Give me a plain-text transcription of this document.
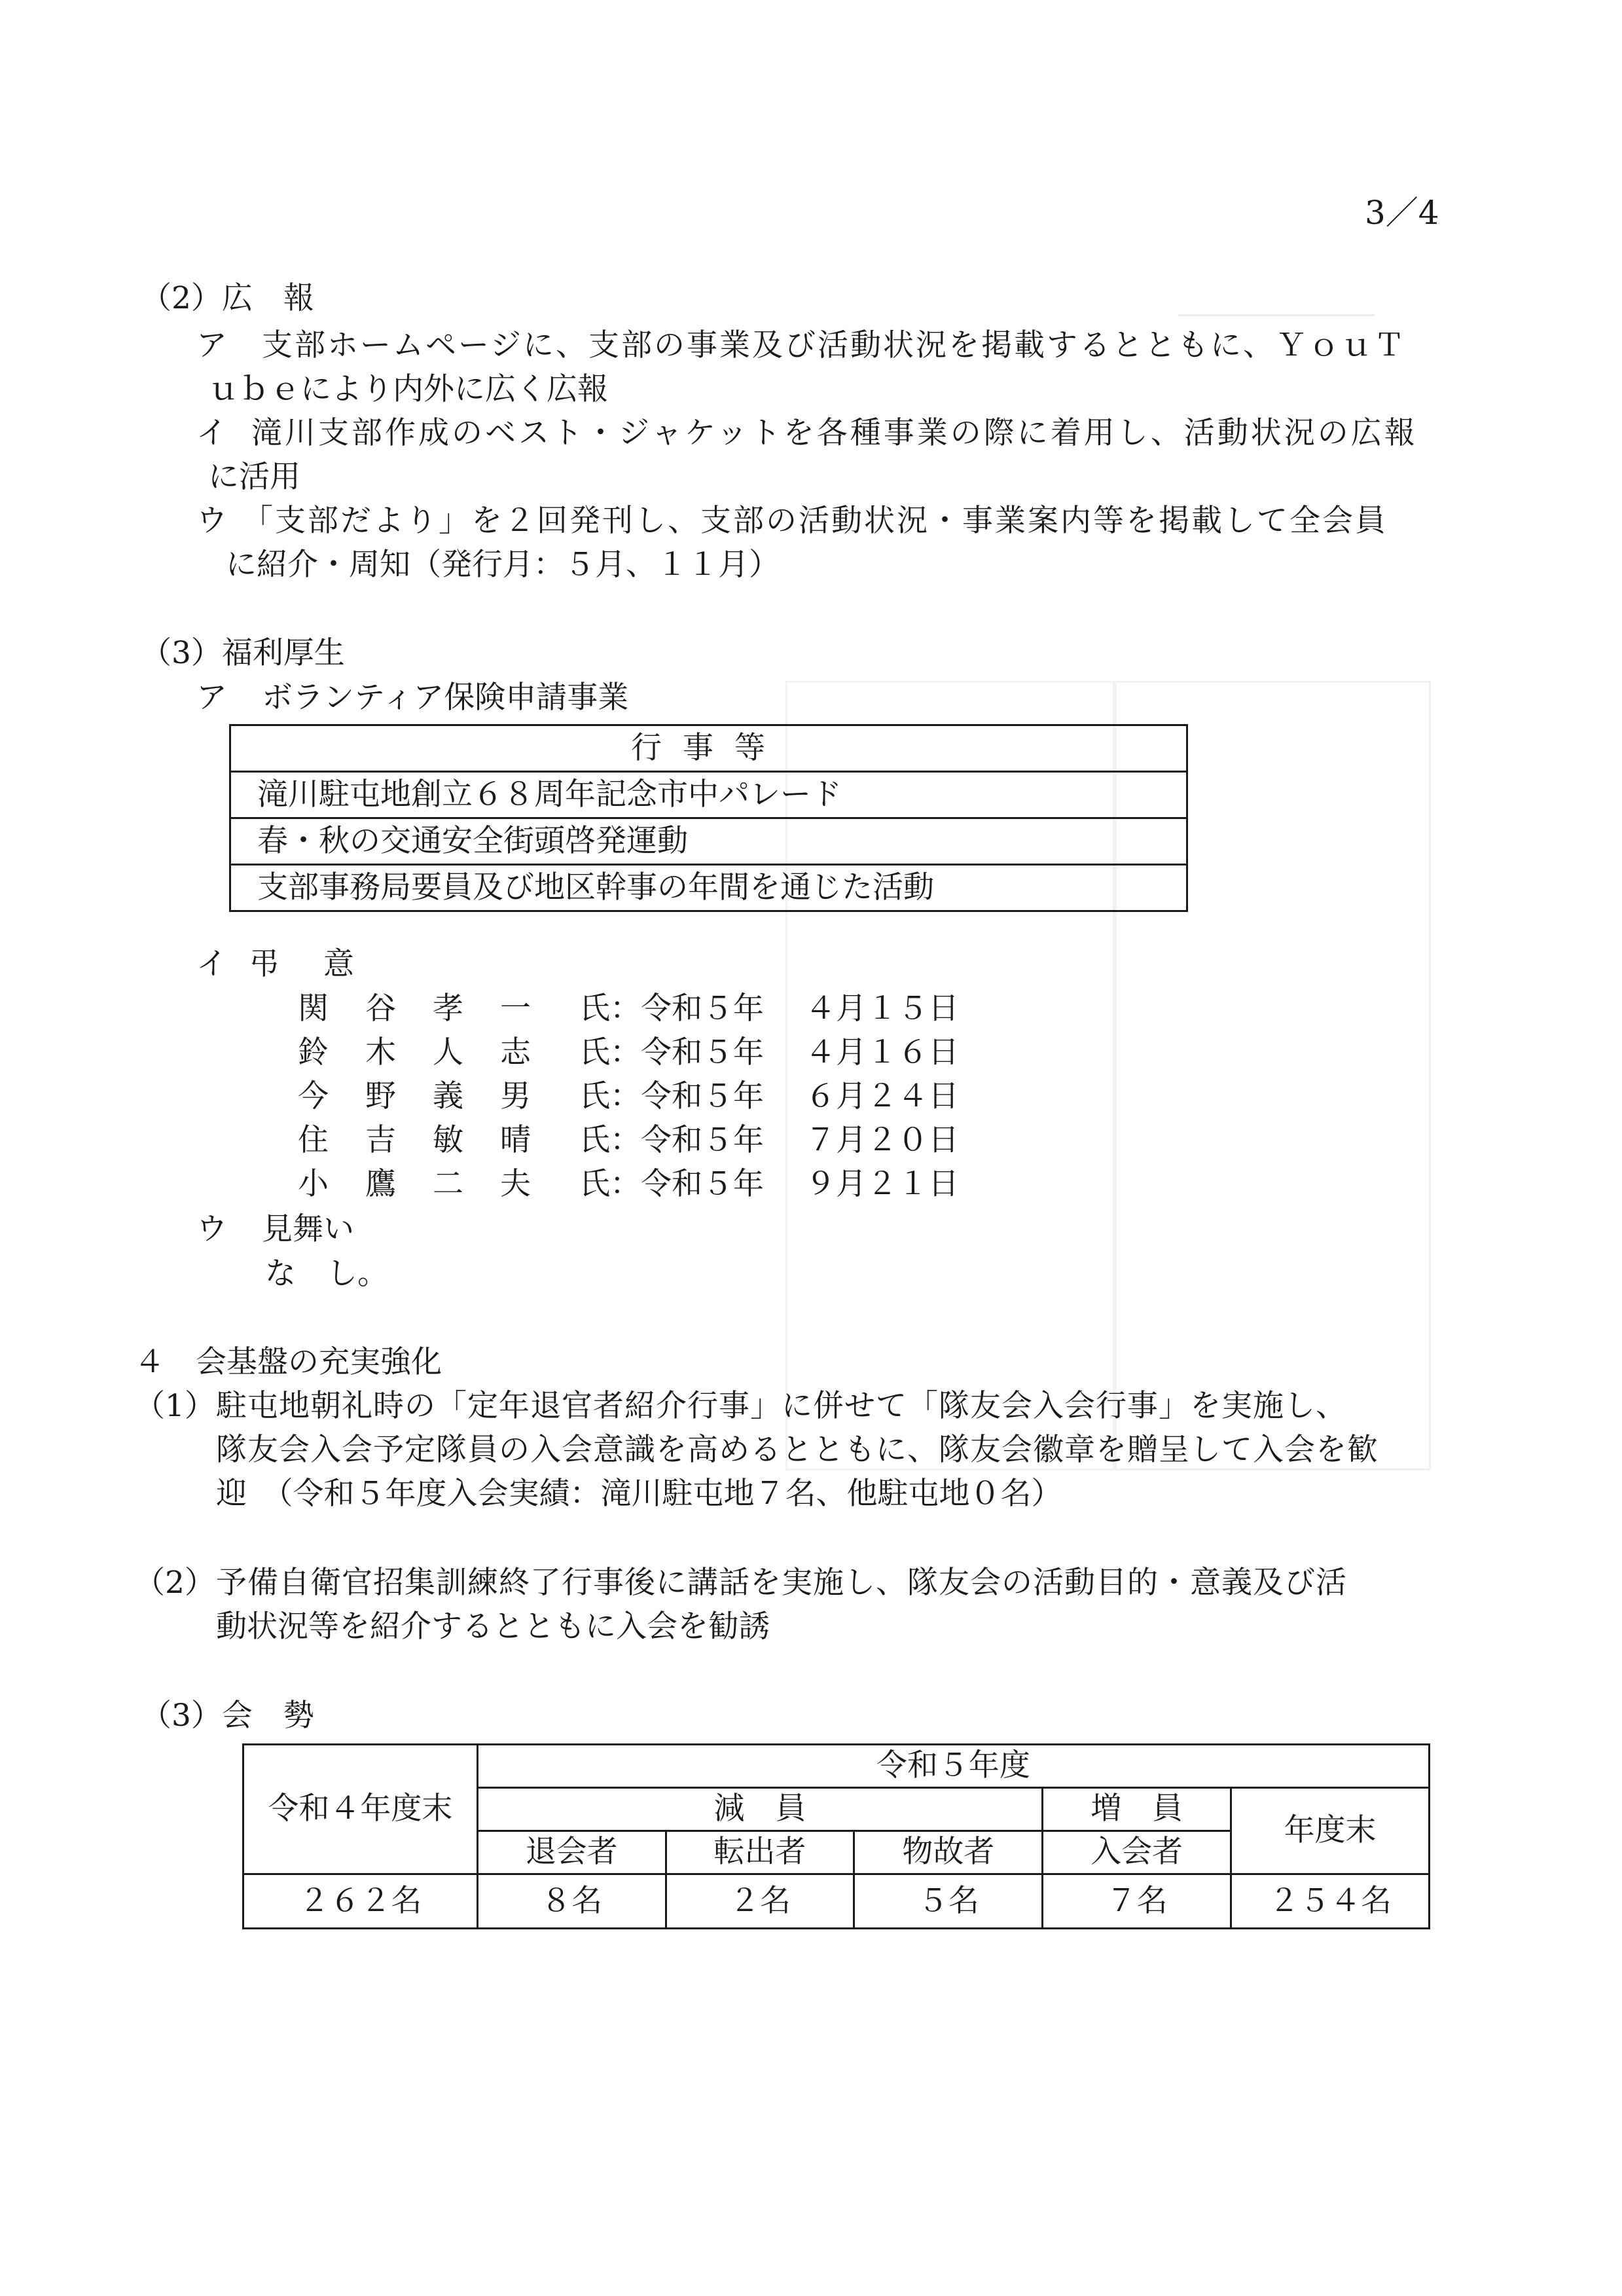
3／4
（2）広　報
ア 支部ホームページに、支部の事業及び活動状況を掲載するとともに、ＹｏｕＴ
ｕｂｅにより内外に広く広報
イ 滝川支部作成のベスト・ジャケットを各種事業の際に着用し、活動状況の広報
に活用
ウ 「支部だより」を２回発刊し、支部の活動状況・事業案内等を掲載して全会員
に紹介・周知（発行月：５月、１１月）
（3）福利厚生
ア ボランティア保険申請事業
行事等
滝川駐屯地創立６８周年記念市中パレード
春・秋の交通安全街頭啓発運動
支部事務局要員及び地区幹事の年間を通じた活動
イ 弔　意
関谷孝一 氏：令和５年 ４月１５日
鈴木人志 氏：令和５年 ４月１６日
今野義男 氏：令和５年 ６月２４日
住吉敏晴 氏：令和５年 ７月２０日
小鷹二夫 氏：令和５年 ９月２１日
ウ 見舞い
な　し。
４　会基盤の充実強化
（1） 駐屯地朝礼時の「定年退官者紹介行事」に併せて「隊友会入会行事」を実施し、
隊友会入会予定隊員の入会意識を高めるとともに、隊友会徽章を贈呈して入会を歓
迎　（令和５年度入会実績：滝川駐屯地７名、他駐屯地０名）
（2） 予備自衛官招集訓練終了行事後に講話を実施し、隊友会の活動目的・意義及び活
動状況等を紹介するとともに入会を勧誘
（3）会　勢
令和４年度末	令和５年度				
	減　員			増　員	年度末
	退会者	転出者	物故者	入会者	
２６２名	８名	２名	５名	７名	２５４名
